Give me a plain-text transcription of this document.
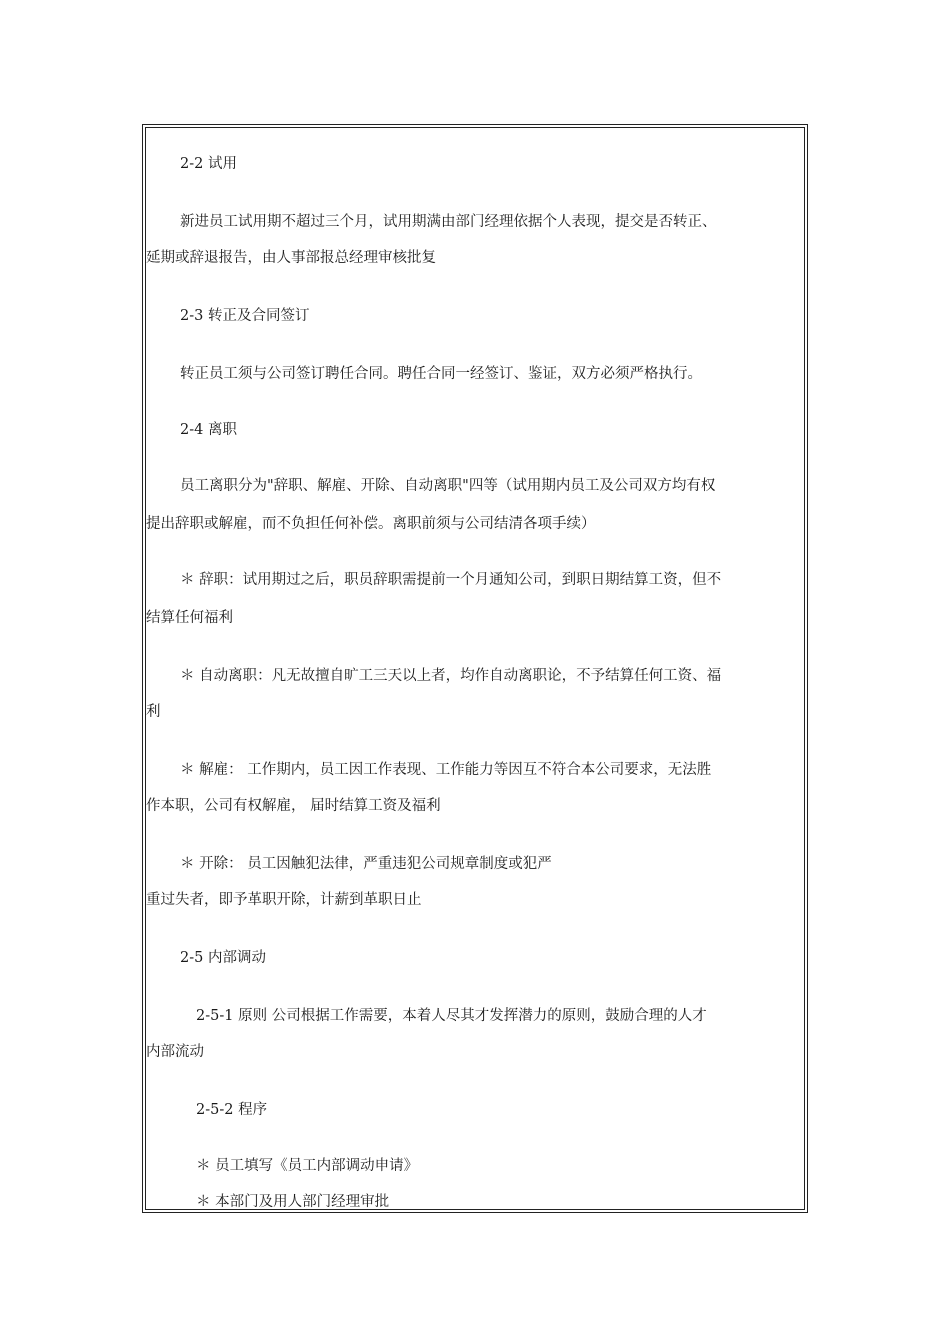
2-2 试用

新进员工试用期不超过三个月，试用期满由部门经理依据个人表现，提交是否转正、

延期或辞退报告，由人事部报总经理审核批复

2-3 转正及合同签订

转正员工须与公司签订聘任合同。聘任合同一经签订、鉴证，双方必须严格执行。

2-4 离职

员工离职分为"辞职、解雇、开除、自动离职"四等（试用期内员工及公司双方均有权

提出辞职或解雇，而不负担任何补偿。离职前须与公司结清各项手续）

＊ 辞职：试用期过之后，职员辞职需提前一个月通知公司，到职日期结算工资，但不

结算任何福利

＊ 自动离职：凡无故擅自旷工三天以上者，均作自动离职论，不予结算任何工资、福

利

＊ 解雇： 工作期内，员工因工作表现、工作能力等因互不符合本公司要求，无法胜

作本职，公司有权解雇， 届时结算工资及福利

＊ 开除： 员工因触犯法律，严重违犯公司规章制度或犯严

重过失者，即予革职开除，计薪到革职日止

2-5 内部调动

2-5-1 原则 公司根据工作需要，本着人尽其才发挥潜力的原则，鼓励合理的人才

内部流动

2-5-2 程序

＊ 员工填写《员工内部调动申请》

＊ 本部门及用人部门经理审批
